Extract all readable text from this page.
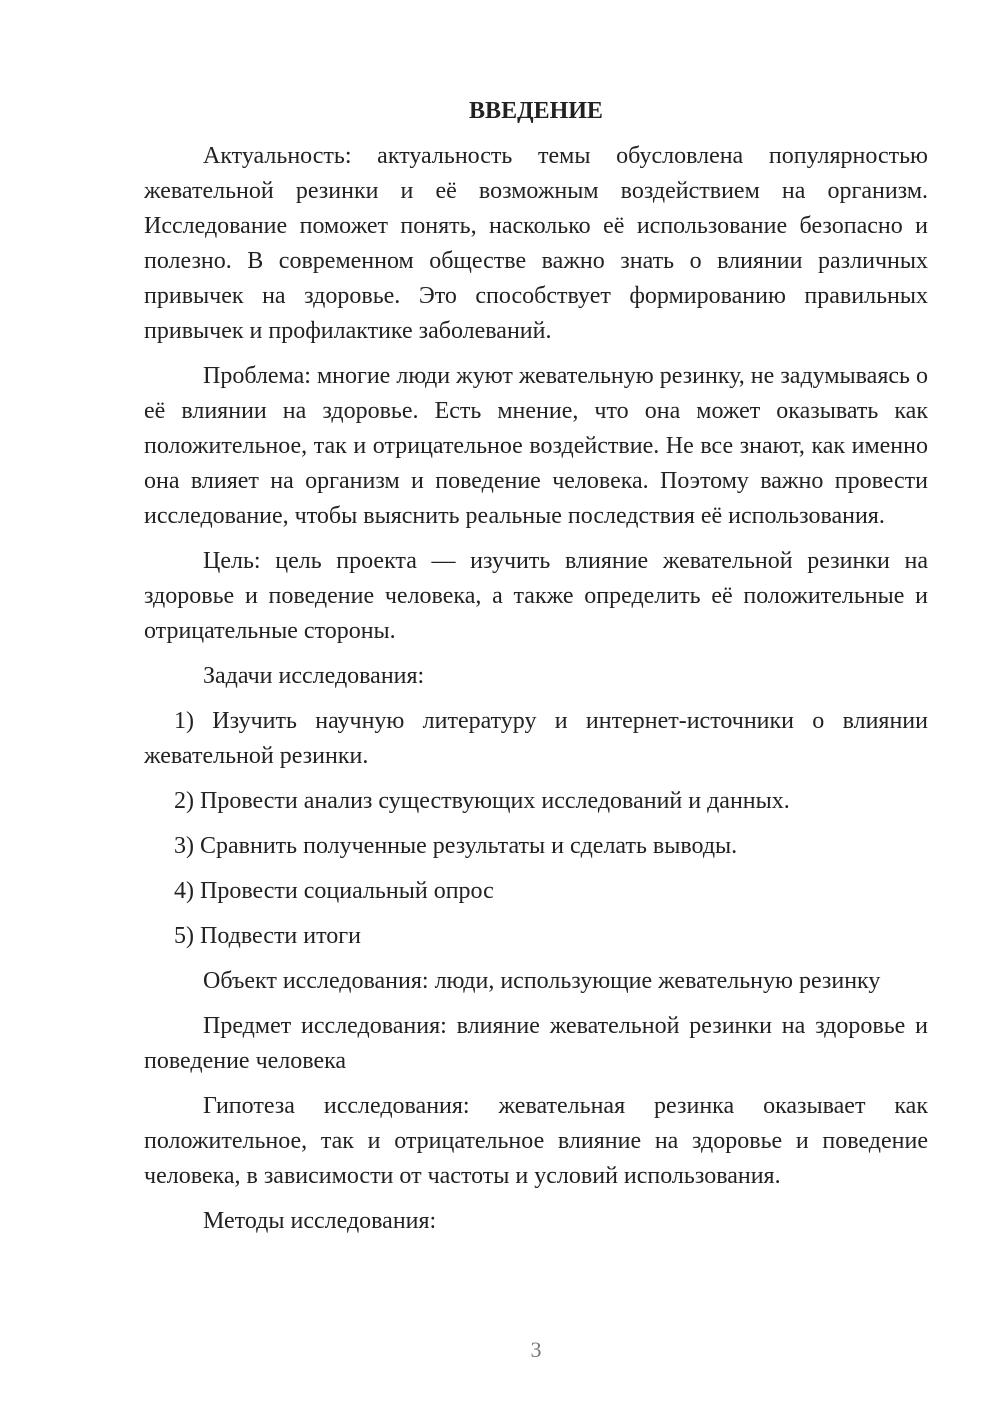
ВВЕДЕНИЕ

Актуальность: актуальность темы обусловлена популярностью жевательной резинки и её возможным воздействием на организм. Исследование поможет понять, насколько её использование безопасно и полезно. В современном обществе важно знать о влиянии различных привычек на здоровье. Это способствует формированию правильных привычек и профилактике заболеваний.

Проблема: многие люди жуют жевательную резинку, не задумываясь о её влиянии на здоровье. Есть мнение, что она может оказывать как положительное, так и отрицательное воздействие. Не все знают, как именно она влияет на организм и поведение человека. Поэтому важно провести исследование, чтобы выяснить реальные последствия её использования.

Цель: цель проекта — изучить влияние жевательной резинки на здоровье и поведение человека, а также определить её положительные и отрицательные стороны.

Задачи исследования:

1) Изучить научную литературу и интернет-источники о влиянии жевательной резинки.

2) Провести анализ существующих исследований и данных.

3) Сравнить полученные результаты и сделать выводы.

4) Провести социальный опрос

5) Подвести итоги

Объект исследования: люди, использующие жевательную резинку

Предмет исследования: влияние жевательной резинки на здоровье и поведение человека

Гипотеза исследования: жевательная резинка оказывает как положительное, так и отрицательное влияние на здоровье и поведение человека, в зависимости от частоты и условий использования.

Методы исследования:

3
